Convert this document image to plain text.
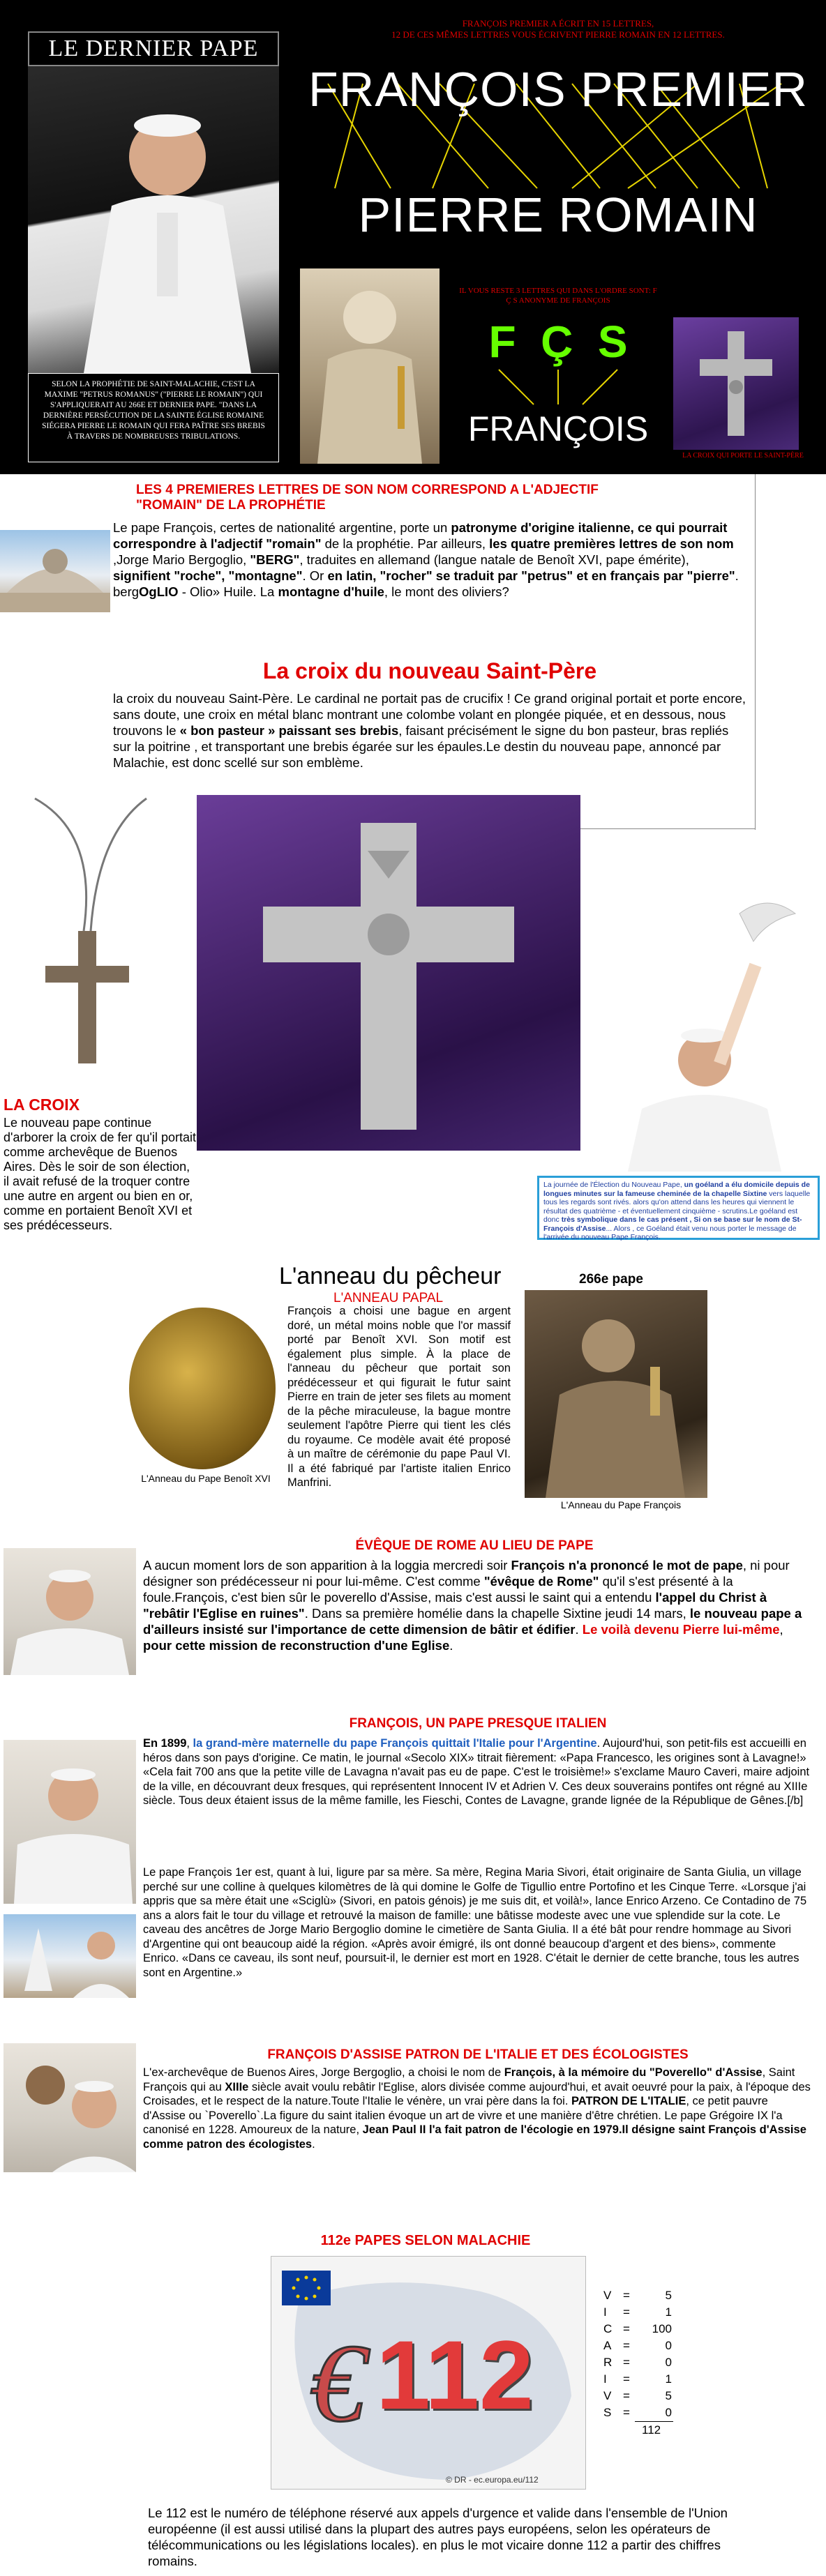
LE DERNIER PAPE
SELON LA PROPHÉTIE DE SAINT-MALACHIE, C'EST LA MAXIME "PETRUS ROMANUS" ("PIERRE LE ROMAIN") QUI S'APPLIQUERAIT AU 266E ET DERNIER PAPE. "DANS LA DERNIÈRE PERSÉCUTION DE LA SAINTE ÉGLISE ROMAINE SIÉGERA PIERRE LE ROMAIN QUI FERA PAÎTRE SES BREBIS À TRAVERS DE NOMBREUSES TRIBULATIONS.
FRANÇOIS PREMIER A ÉCRIT EN 15 LETTRES,
12 DE CES MÊMES LETTRES VOUS ÉCRIVENT PIERRE ROMAIN EN 12 LETTRES.
FRANÇOIS PREMIER
PIERRE ROMAIN
IL VOUS RESTE 3 LETTRES QUI DANS L'ORDRE SONT: F Ç S ANONYME DE FRANÇOIS
F  Ç  S
FRANÇOIS
LA CROIX QUI PORTE LE SAINT-PÈRE
LES 4 PREMIERES LETTRES DE SON NOM CORRESPOND A L'ADJECTIF
"ROMAIN" DE LA PROPHÉTIE
Le pape François, certes de nationalité argentine, porte un patronyme d'origine italienne, ce qui pourrait correspondre à l'adjectif "romain" de la prophétie. Par ailleurs, les quatre premières lettres de son nom ,Jorge Mario Bergoglio, "BERG", traduites en allemand (langue natale de Benoît XVI, pape émérite), signifient "roche", "montagne". Or en latin, "rocher" se traduit par "petrus" et en français par "pierre". bergOgLIO - Olio» Huile. La montagne d'huile, le mont des oliviers?
La croix du nouveau Saint-Père
la croix du nouveau Saint-Père. Le cardinal ne portait pas de crucifix ! Ce grand original portait et porte encore, sans doute, une croix en métal blanc montrant une colombe volant en plongée piquée, et en dessous, nous trouvons le « bon pasteur » paissant ses brebis, faisant précisément le signe du bon pasteur, bras repliés sur la poitrine , et transportant une brebis égarée sur les épaules.Le destin du nouveau pape, annoncé par Malachie, est donc scellé sur son emblème.
LA CROIX
Le nouveau pape continue d'arborer la croix de fer qu'il portait comme archevêque de Buenos Aires. Dès le soir de son élection, il avait refusé de la troquer contre une autre en argent ou bien en or, comme en portaient Benoît XVI et ses prédécesseurs.
La journée de l'Élection du Nouveau Pape, un goéland a élu domicile depuis de longues minutes sur la fameuse cheminée de la chapelle Sixtine vers laquelle tous les regards sont rivés. alors qu'on attend dans les heures qui viennent le résultat des quatrième - et éventuellement cinquième - scrutins.Le goéland est donc très symbolique dans le cas présent , Si on se base sur le nom de St-François d'Assise... Alors , ce Goéland était venu nous porter le message de l'arrivée du nouveau Pape François.
L'anneau du pêcheur	266e pape
L'ANNEAU PAPAL
L'Anneau du Pape Benoît XVI
François a choisi une bague en argent doré, un métal moins noble que l'or massif porté par Benoît XVI. Son motif est également plus simple. À la place de l'anneau du pêcheur que portait son prédécesseur et qui figurait le futur saint Pierre en train de jeter ses filets au moment de la pêche miraculeuse, la bague montre seulement l'apôtre Pierre qui tient les clés du royaume. Ce modèle avait été proposé à un maître de cérémonie du pape Paul VI. Il a été fabriqué par l'artiste italien Enrico Manfrini.
L'Anneau du Pape François
ÉVÊQUE DE ROME AU LIEU DE PAPE
A aucun moment lors de son apparition à la loggia mercredi soir François n'a prononcé le mot de pape, ni pour désigner son prédécesseur ni pour lui-même. C'est comme "évêque de Rome" qu'il s'est présenté à la foule.François, c'est bien sûr le poverello d'Assise, mais c'est aussi le saint qui a entendu l'appel du Christ à "rebâtir l'Eglise en ruines". Dans sa première homélie dans la chapelle Sixtine jeudi 14 mars, le nouveau pape a d'ailleurs insisté sur l'importance de cette dimension de bâtir et édifier. Le voilà devenu Pierre lui-même, pour cette mission de reconstruction d'une Eglise.
FRANÇOIS, UN PAPE PRESQUE ITALIEN
En 1899, la grand-mère maternelle du pape François quittait l'Italie pour l'Argentine. Aujourd'hui, son petit-fils est accueilli en héros dans son pays d'origine. Ce matin, le journal «Secolo XIX» titrait fièrement: «Papa Francesco, les origines sont à Lavagne!» «Cela fait 700 ans que la petite ville de Lavagna n'avait pas eu de pape. C'est le troisième!» s'exclame Mauro Caveri, maire adjoint de la ville, en découvrant deux fresques, qui représentent Innocent IV et Adrien V. Ces deux souverains pontifes ont régné au XIIIe siècle. Tous deux étaient issus de la même famille, les Fieschi, Contes de Lavagne, grande lignée de la République de Gênes.[/b]
Le pape François 1er est, quant à lui, ligure par sa mère. Sa mère, Regina Maria Sivori, était originaire de Santa Giulia, un village perché sur une colline à quelques kilomètres de là qui domine le Golfe de Tigullio entre Portofino et les Cinque Terre. «Lorsque j'ai appris que sa mère était une «Sciglù» (Sivori, en patois génois) je me suis dit, et voilà!», lance Enrico Arzeno. Ce Contadino de 75 ans a alors fait le tour du village et retrouvé la maison de famille: une bâtisse modeste avec une vue splendide sur la cote. Le caveau des ancêtres de Jorge Mario Bergoglio domine le cimetière de Santa Giulia. Il a été bât pour rendre hommage au Sivori d'Argentine qui ont beaucoup aidé la région. «Après avoir émigré, ils ont donné beaucoup d'argent et des biens», commente Enrico. «Dans ce caveau, ils sont neuf, poursuit-il, le dernier est mort en 1928. C'était le dernier de cette branche, tous les autres sont en Argentine.»
FRANÇOIS D'ASSISE PATRON DE L'ITALIE ET DES ÉCOLOGISTES
L'ex-archevêque de Buenos Aires, Jorge Bergoglio, a choisi le nom de François, à la mémoire du "Poverello" d'Assise, Saint François qui au XIIIe siècle avait voulu rebâtir l'Eglise, alors divisée comme aujourd'hui, et avait oeuvré pour la paix, à l'époque des Croisades, et le respect de la nature.Toute l'Italie le vénère, un vrai père dans la foi. PATRON DE L'ITALIE, ce petit pauvre d'Assise ou `Poverello`.La figure du saint italien évoque un art de vivre et une manière d'être chrétien. Le pape Grégoire IX l'a canonisé en 1228. Amoureux de la nature, Jean Paul II l'a fait patron de l'écologie en 1979.Il désigne saint François d'Assise comme patron des écologistes.
112e PAPES SELON MALACHIE
€ 112
© DR - ec.europa.eu/112
V =	5
I	=	1
C =	100
A =	0
R =	0
I	=	1
V =	5
S =	0
112
Le 112 est le numéro de téléphone réservé aux appels d'urgence et valide dans l'ensemble de l'Union européenne (il est aussi utilisé dans la plupart des autres pays européens, selon les opérateurs de télécommunications ou les législations locales). en plus le mot vicaire donne 112 a partir des chiffres romains.
